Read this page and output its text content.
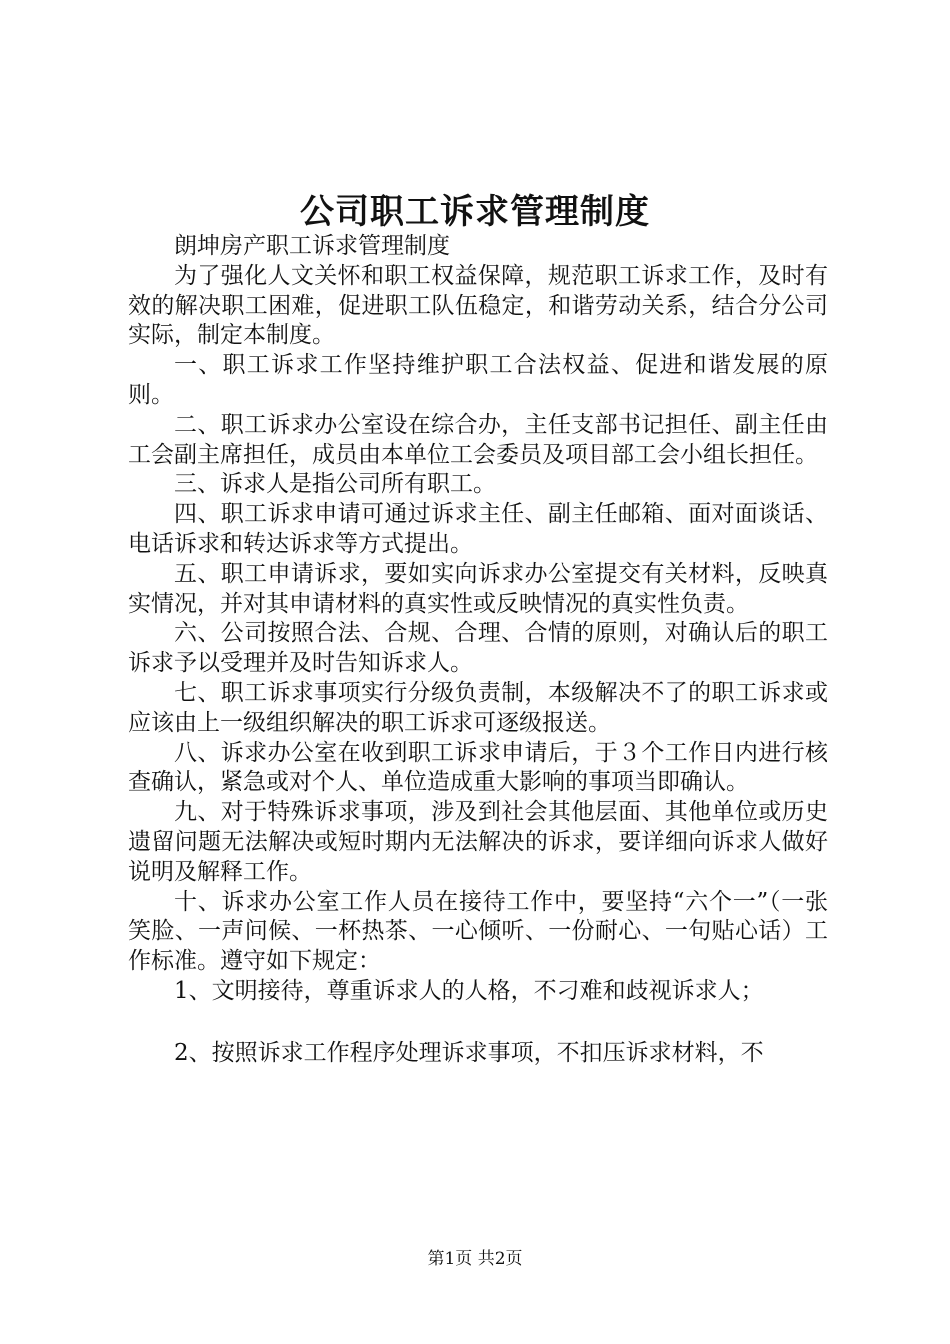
公司职工诉求管理制度

朗坤房产职工诉求管理制度

为了强化人文关怀和职工权益保障，规范职工诉求工作，及时有效的解决职工困难，促进职工队伍稳定，和谐劳动关系，结合分公司实际，制定本制度。

一、职工诉求工作坚持维护职工合法权益、促进和谐发展的原则。

二、职工诉求办公室设在综合办，主任支部书记担任、副主任由工会副主席担任，成员由本单位工会委员及项目部工会小组长担任。

三、诉求人是指公司所有职工。

四、职工诉求申请可通过诉求主任、副主任邮箱、面对面谈话、电话诉求和转达诉求等方式提出。

五、职工申请诉求，要如实向诉求办公室提交有关材料，反映真实情况，并对其申请材料的真实性或反映情况的真实性负责。

六、公司按照合法、合规、合理、合情的原则，对确认后的职工诉求予以受理并及时告知诉求人。

七、职工诉求事项实行分级负责制，本级解决不了的职工诉求或应该由上一级组织解决的职工诉求可逐级报送。

八、诉求办公室在收到职工诉求申请后，于３个工作日内进行核查确认，紧急或对个人、单位造成重大影响的事项当即确认。

九、对于特殊诉求事项，涉及到社会其他层面、其他单位或历史遗留问题无法解决或短时期内无法解决的诉求，要详细向诉求人做好说明及解释工作。

十、诉求办公室工作人员在接待工作中，要坚持“六个一”（一张笑脸、一声问候、一杯热茶、一心倾听、一份耐心、一句贴心话）工作标准。遵守如下规定：

1、文明接待，尊重诉求人的人格，不刁难和歧视诉求人；

2、按照诉求工作程序处理诉求事项，不扣压诉求材料，不

第1页 共2页
